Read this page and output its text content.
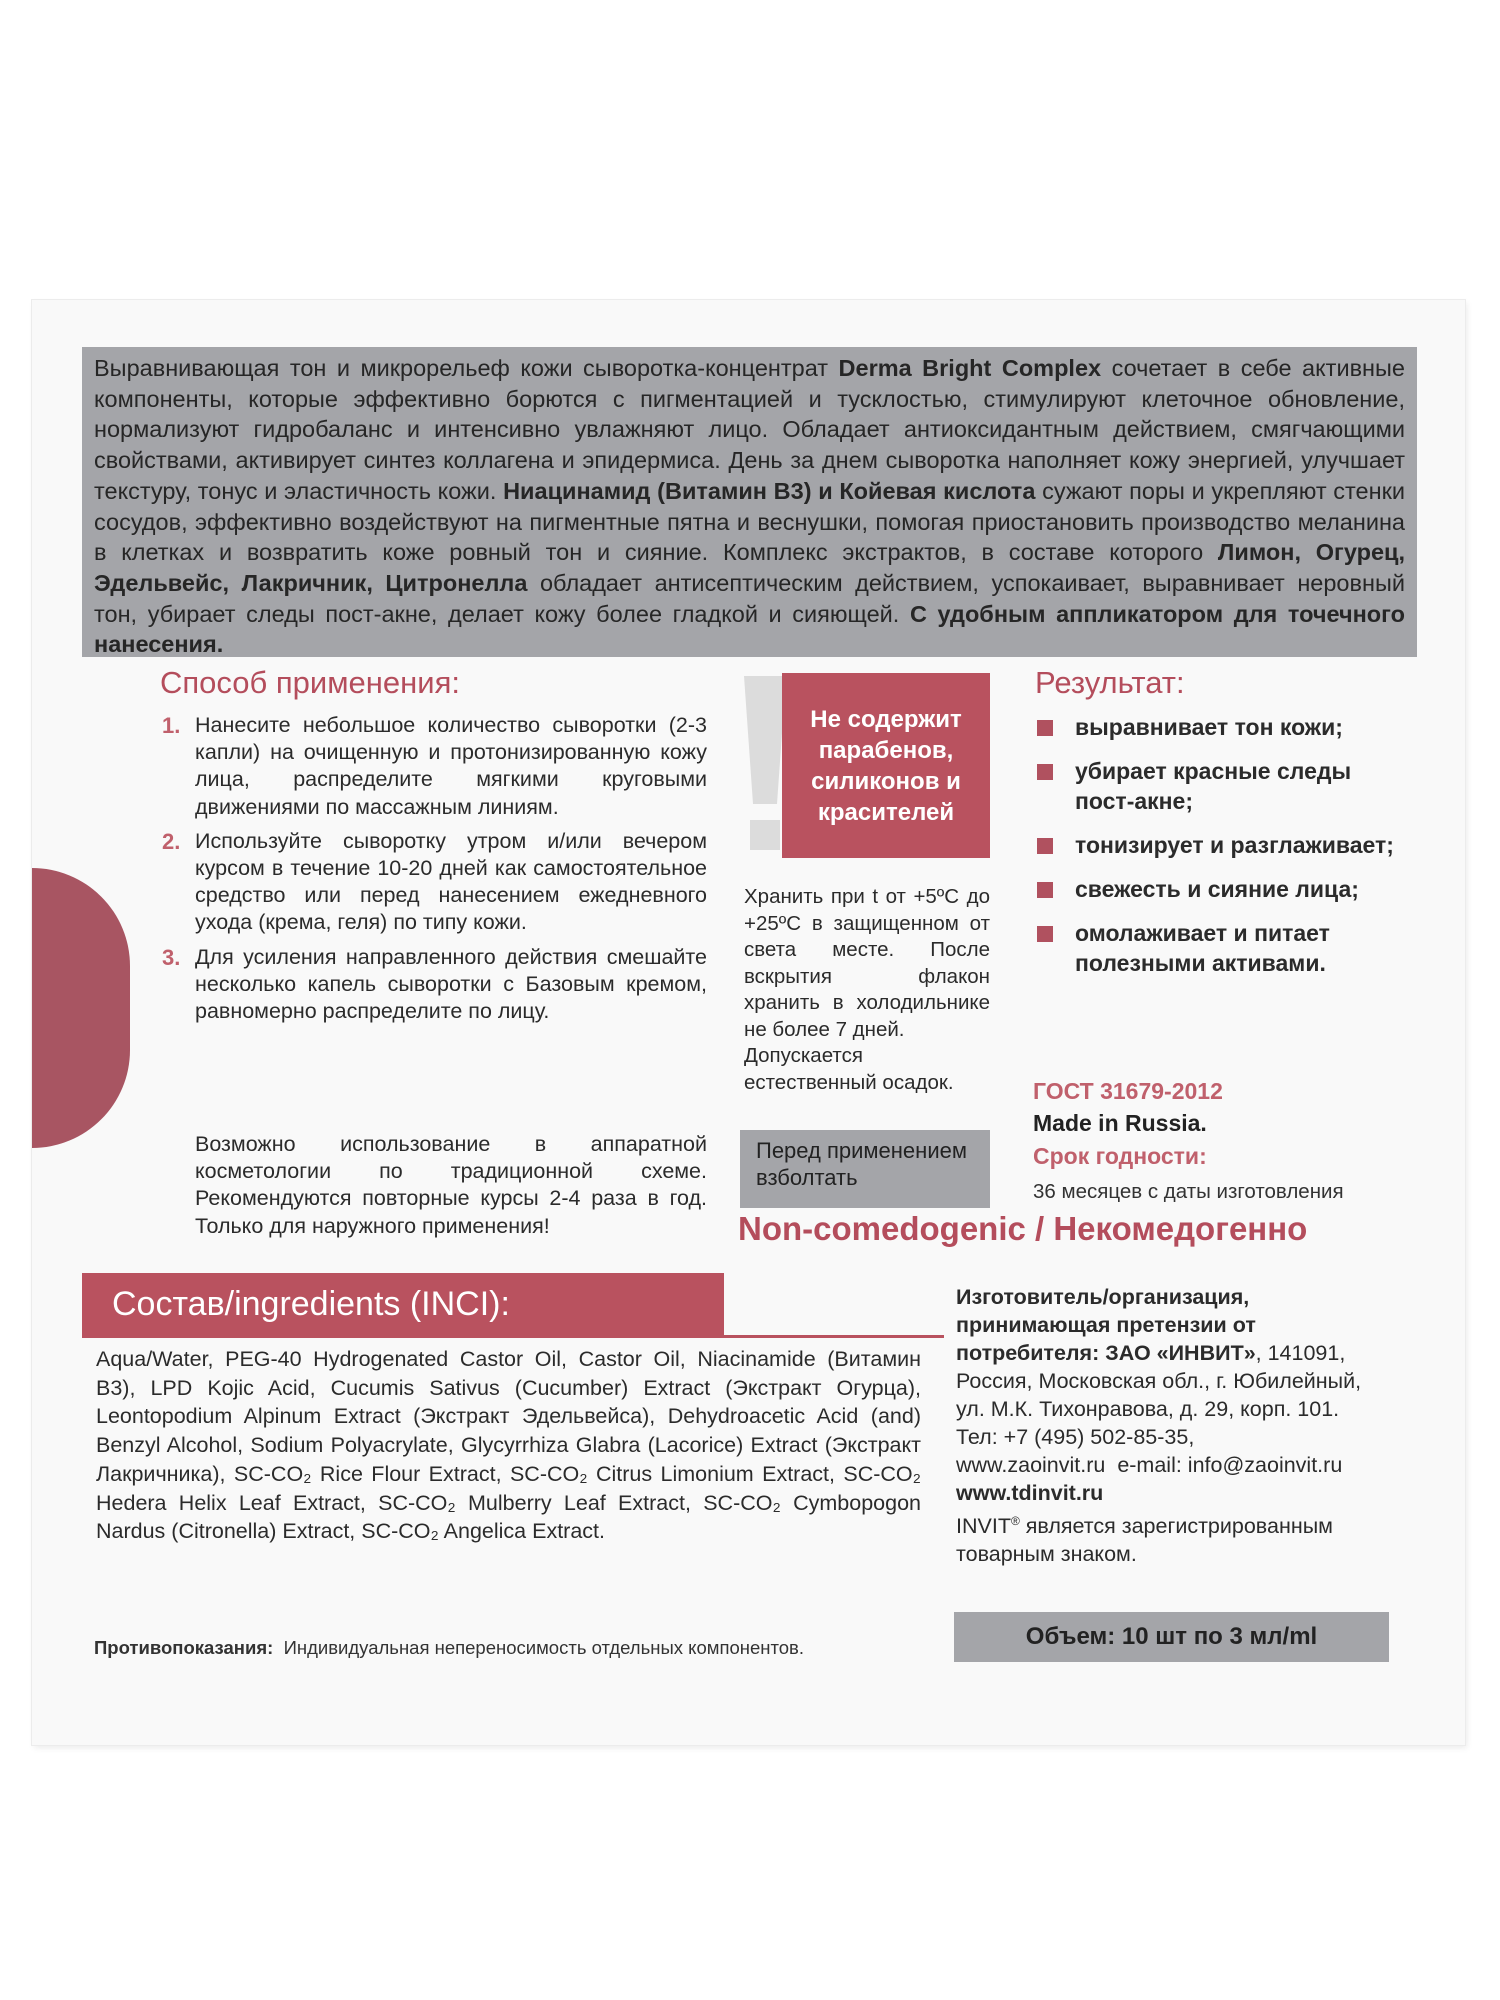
Выравнивающая тон и микрорельеф кожи сыворотка-концентрат Derma Bright Complex сочетает в себе активные компоненты, которые эффективно борются с пигментацией и тусклостью, стимулируют клеточное обновление, нормализуют гидробаланс и интенсивно увлажняют лицо. Обладает антиоксидантным действием, смягчающими свойствами, активирует синтез коллагена и эпидермиса. День за днем сыворотка наполняет кожу энергией, улучшает текстуру, тонус и эластичность кожи. Ниацинамид (Витамин В3) и Койевая кислота сужают поры и укрепляют стенки сосудов, эффективно воздействуют на пигментные пятна и веснушки, помогая приостановить производство меланина в клетках и возвратить коже ровный тон и сияние. Комплекс экстрактов, в составе которого Лимон, Огурец, Эдельвейс, Лакричник, Цитронелла обладает антисептическим действием, успокаивает, выравнивает неровный тон, убирает следы пост-акне, делает кожу более гладкой и сияющей. С удобным аппликатором для точечного нанесения.
Способ применения:
1. Нанесите небольшое количество сыворотки (2-3 капли) на очищенную и протонизированную кожу лица, распределите мягкими круговыми движениями по массажным линиям.
2. Используйте сыворотку утром и/или вечером курсом в течение 10-20 дней как самостоятельное средство или перед нанесением ежедневного ухода (крема, геля) по типу кожи.
3. Для усиления направленного действия смешайте несколько капель сыворотки с Базовым кремом, равномерно распределите по лицу.
Возможно использование в аппаратной косметологии по традиционной схеме. Рекомендуются повторные курсы 2-4 раза в год. Только для наружного применения!
Не содержит парабенов, силиконов и красителей
Хранить при t от +5ºС до +25ºС в защищенном от света месте. После вскрытия флакон хранить в холодильнике не более 7 дней.
Допускается естественный осадок.
Перед применением взболтать
Результат:
выравнивает тон кожи;
убирает красные следы пост-акне;
тонизирует и разглаживает;
свежесть и сияние лица;
омолаживает и питает полезными активами.
ГОСТ 31679-2012
Made in Russia.
Срок годности:
36 месяцев с даты изготовления
Non-comedogenic / Некомедогенно
Состав/ingredients (INCI):
Aqua/Water, PEG-40 Hydrogenated Castor Oil, Castor Oil, Niacinamide (Витамин В3), LPD Kojic Acid, Cucumis Sativus (Cucumber) Extract (Экстракт Огурца), Leontopodium Alpinum Extract (Экстракт Эдельвейса), Dehydroacetic Acid (and) Benzyl Alcohol, Sodium Polyacrylate, Glycyrrhiza Glabra (Lacorice) Extract (Экстракт Лакричника), SC-CO₂ Rice Flour Extract, SC-CO₂ Citrus Limonium Extract, SC-CO₂ Hedera Helix Leaf Extract, SC-CO₂ Mulberry Leaf Extract, SC-CO₂ Cymbopogon Nardus (Citronella) Extract, SC-CO₂ Angelica Extract.
Изготовитель/организация, принимающая претензии от потребителя: ЗАО «ИНВИТ», 141091,
Россия, Московская обл., г. Юбилейный, ул. М.К. Тихонравова, д. 29, корп. 101.
Тел: +7 (495) 502-85-35,
www.zaoinvit.ru e-mail: info@zaoinvit.ru
www.tdinvit.ru
INVIT® является зарегистрированным товарным знаком.
Объем: 10 шт по 3 мл/ml
Противопоказания: Индивидуальная непереносимость отдельных компонентов.
